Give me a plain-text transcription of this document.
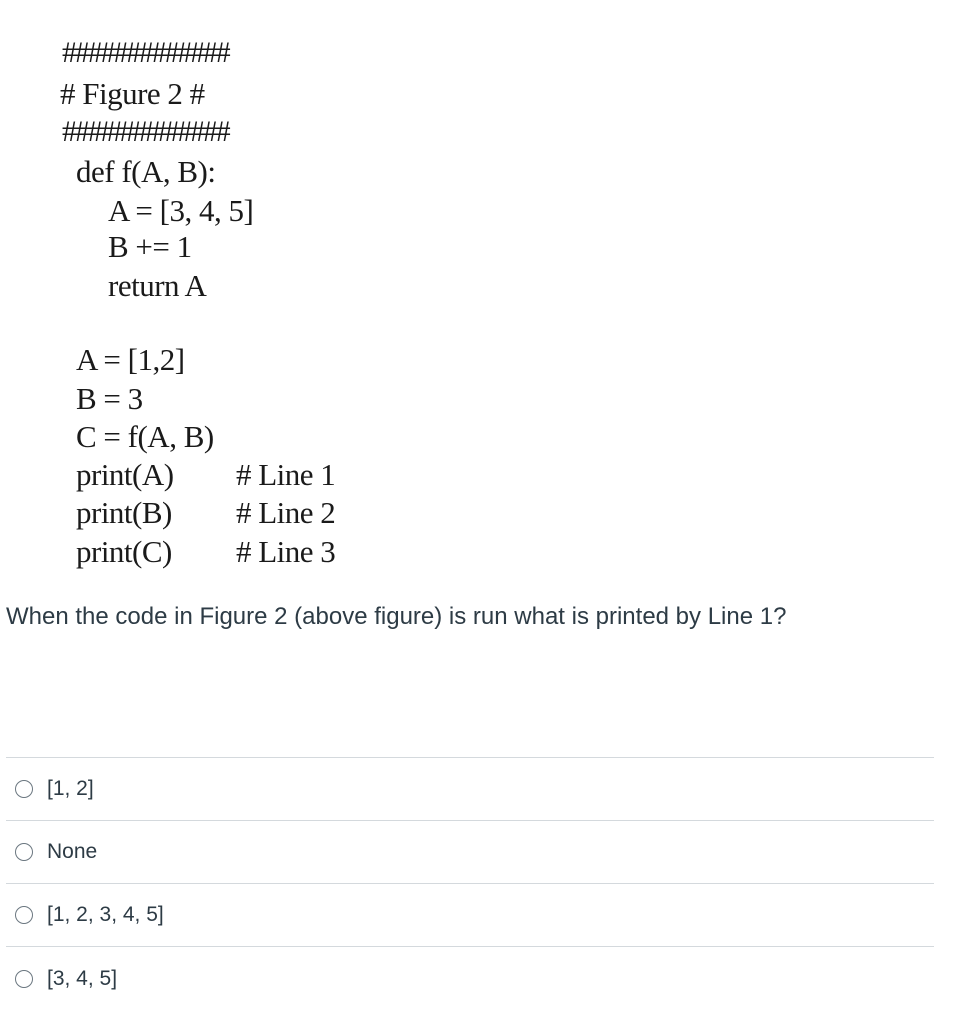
#############
# Figure 2 #
#############
def f(A, B):
A = [3, 4, 5]
B += 1
return A
A = [1,2]
B = 3
C = f(A, B)
print(A)
print(B)
print(C)
# Line 1
# Line 2
# Line 3
When the code in Figure 2 (above figure) is run what is printed by Line 1?
[1, 2]
None
[1, 2, 3, 4, 5]
[3, 4, 5]
